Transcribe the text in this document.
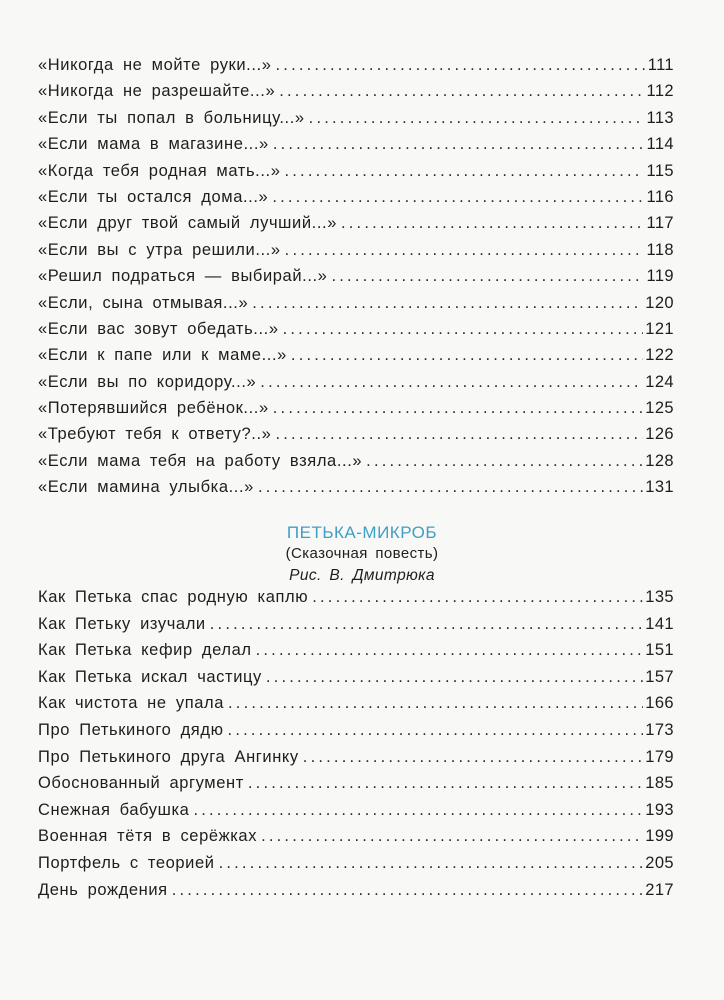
«Никогда не мойте руки...» .....	111
«Никогда не разрешайте...» .....	112
«Если ты попал в больницу...» .....	113
«Если мама в магазине...» .....	114
«Когда тебя родная мать...» .....	115
«Если ты остался дома...» .....	116
«Если друг твой самый лучший...» .....	117
«Если вы с утра решили...» .....	118
«Решил подраться — выбирай...» .....	119
«Если, сына отмывая...» .....	120
«Если вас зовут обедать...» .....	121
«Если к папе или к маме...» .....	122
«Если вы по коридору...» .....	124
«Потерявшийся ребёнок...» .....	125
«Требуют тебя к ответу?..» .....	126
«Если мама тебя на работу взяла...» .....	128
«Если мамина улыбка...» .....	131
ПЕТЬКА-МИКРОБ
(Сказочная повесть)
Рис. В. Дмитрюка
Как Петька спас родную каплю .....	135
Как Петьку изучали .....	141
Как Петька кефир делал .....	151
Как Петька искал частицу .....	157
Как чистота не упала .....	166
Про Петькиного дядю .....	173
Про Петькиного друга Ангинку .....	179
Обоснованный аргумент .....	185
Снежная бабушка .....	193
Военная тётя в серёжках .....	199
Портфель с теорией .....	205
День рождения .....	217
